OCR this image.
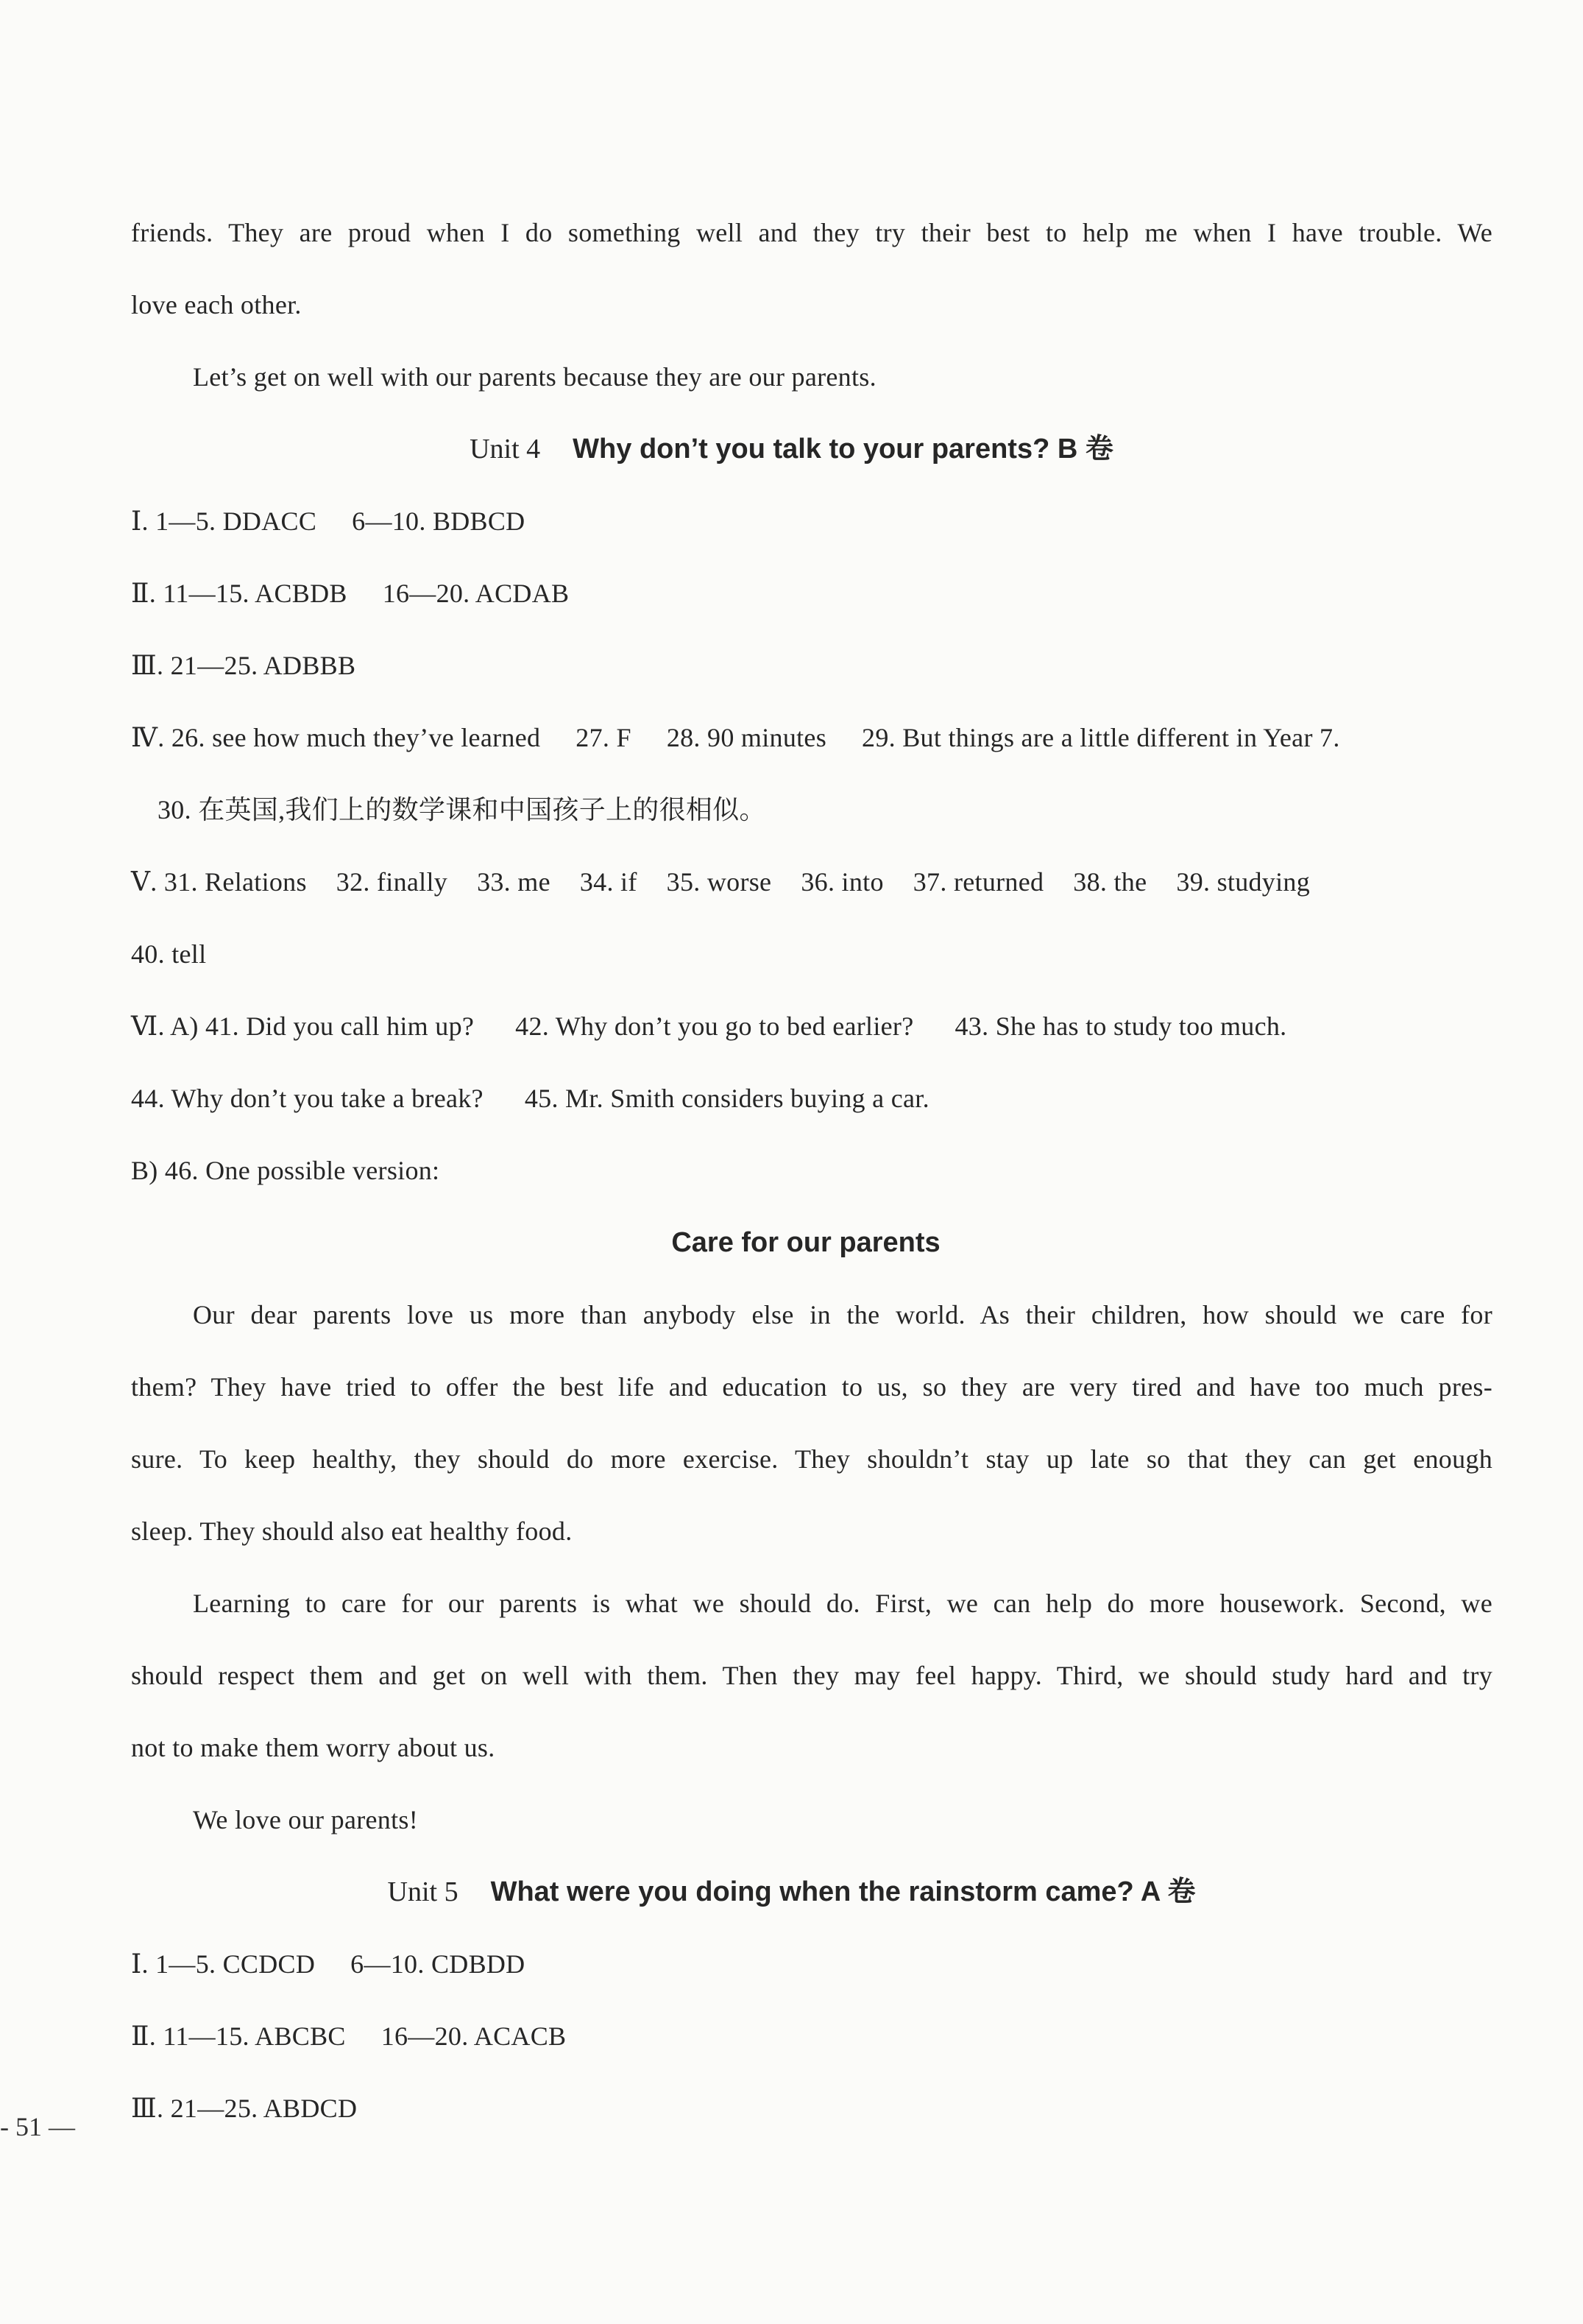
friends. They are proud when I do something well and they try their best to help me when I have trouble. We
love each other.
Let’s get on well with our parents because they are our parents.
Unit 4 Why don’t you talk to your parents? B 卷
Ⅰ. 1—5. DDACC 6—10. BDBCD
Ⅱ. 11—15. ACBDB 16—20. ACDAB
Ⅲ. 21—25. ADBBB
Ⅳ. 26. see how much they’ve learned 27. F 28. 90 minutes 29. But things are a little different in Year 7.
30. 在英国,我们上的数学课和中国孩子上的很相似。
Ⅴ. 31. Relations 32. finally 33. me 34. if 35. worse 36. into 37. returned 38. the 39. studying
40. tell
Ⅵ. A) 41. Did you call him up? 42. Why don’t you go to bed earlier? 43. She has to study too much.
44. Why don’t you take a break? 45. Mr. Smith considers buying a car.
B) 46. One possible version:
Care for our parents
Our dear parents love us more than anybody else in the world. As their children, how should we care for
them? They have tried to offer the best life and education to us, so they are very tired and have too much pres-
sure. To keep healthy, they should do more exercise. They shouldn’t stay up late so that they can get enough
sleep. They should also eat healthy food.
Learning to care for our parents is what we should do. First, we can help do more housework. Second, we
should respect them and get on well with them. Then they may feel happy. Third, we should study hard and try
not to make them worry about us.
We love our parents!
Unit 5 What were you doing when the rainstorm came? A 卷
Ⅰ. 1—5. CCDCD 6—10. CDBDD
Ⅱ. 11—15. ABCBC 16—20. ACACB
Ⅲ. 21—25. ABDCD
- 51 —
